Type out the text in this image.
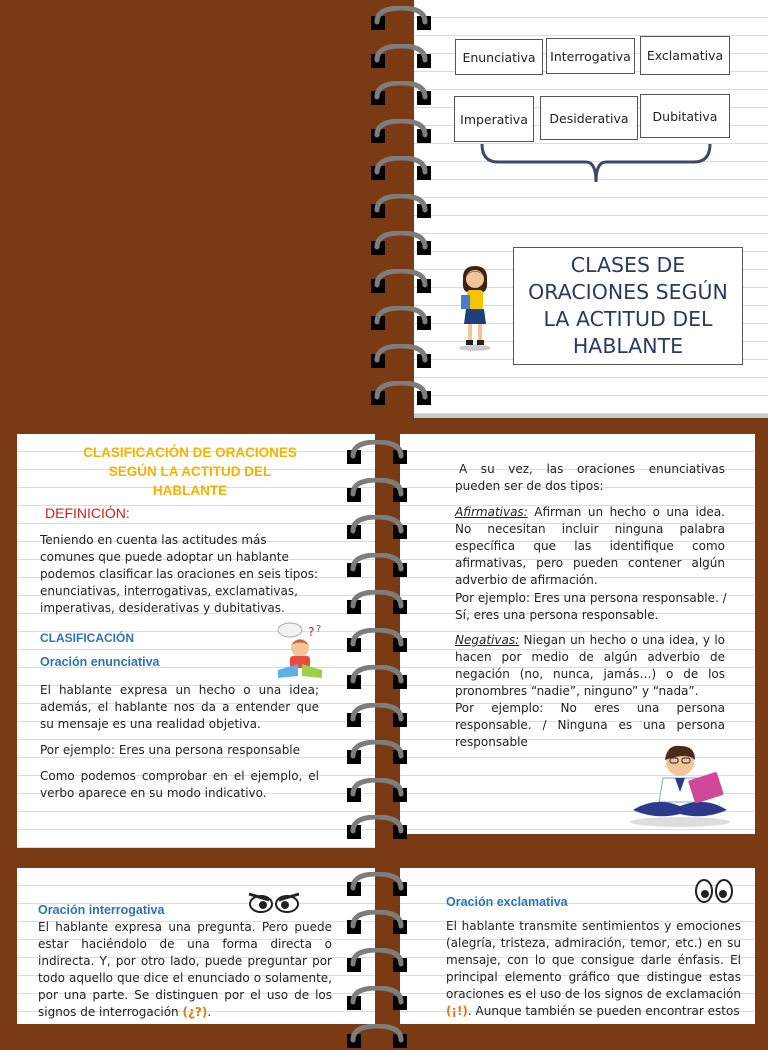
Enunciativa Interrogativa Exclamativa
Imperativa Desiderativa Dubitativa
CLASES DE ORACIONES SEGÚN LA ACTITUD DEL HABLANTE
CLASIFICACIÓN DE ORACIONES SEGÚN LA ACTITUD DEL HABLANTE
DEFINICIÓN:
Teniendo en cuenta las actitudes más comunes que puede adoptar un hablante podemos clasificar las oraciones en seis tipos: enunciativas, interrogativas, exclamativas, imperativas, desiderativas y dubitativas.
CLASIFICACIÓN
Oración enunciativa
? ?
El hablante expresa un hecho o una idea; además, el hablante nos da a entender que su mensaje es una realidad objetiva.
Por ejemplo: Eres una persona responsable
Como podemos comprobar en el ejemplo, el verbo aparece en su modo indicativo.
A su vez, las oraciones enunciativas pueden ser de dos tipos:
Afirmativas: Afirman un hecho o una idea. No necesitan incluir ninguna palabra específica que las identifique como afirmativas, pero pueden contener algún adverbio de afirmación.
Por ejemplo: Eres una persona responsable. / Sí, eres una persona responsable.
Negativas: Niegan un hecho o una idea, y lo hacen por medio de algún adverbio de negación (no, nunca, jamás…) o de los pronombres “nadie”, ninguno” y “nada”.
Por ejemplo: No eres una persona responsable. / Ninguna es una persona responsable
Oración interrogativa
El hablante expresa una pregunta. Pero puede estar haciéndolo de una forma directa o indirecta. Y, por otro lado, puede preguntar por todo aquello que dice el enunciado o solamente, por una parte. Se distinguen por el uso de los signos de interrogación (¿?).
Oración exclamativa
El hablante transmite sentimientos y emociones (alegría, tristeza, admiración, temor, etc.) en su mensaje, con lo que consigue darle énfasis. El principal elemento gráfico que distingue estas oraciones es el uso de los signos de exclamación (¡!). Aunque también se pueden encontrar estos
